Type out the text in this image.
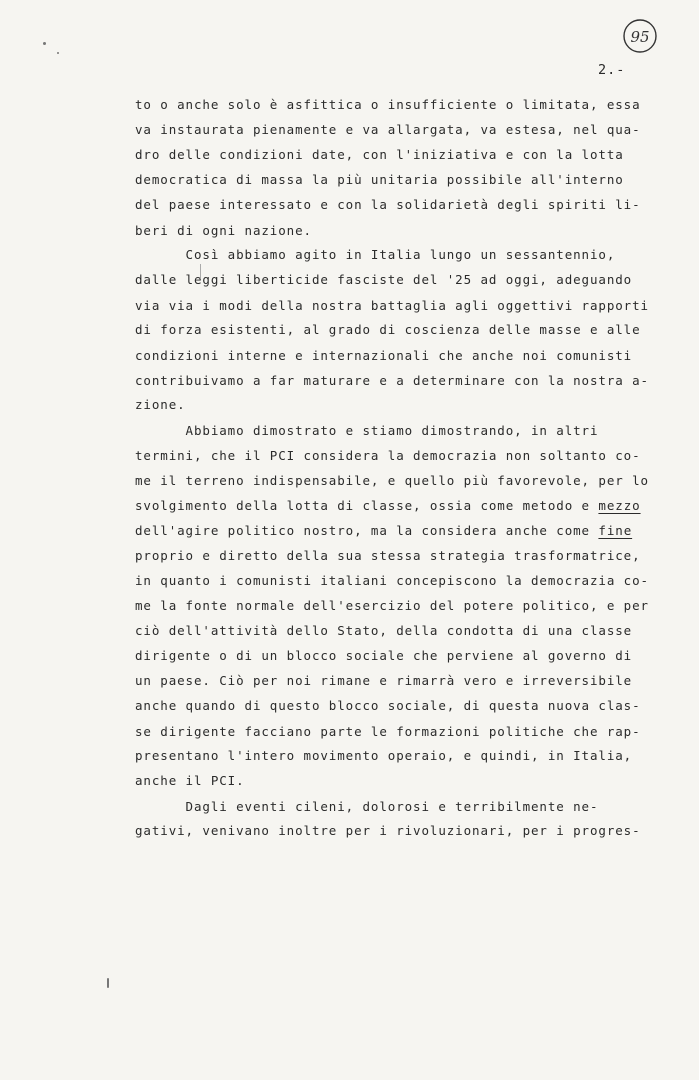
95
2.-
to o anche solo è asfittica o insufficiente o limitata, essa
va instaurata pienamente e va allargata, va estesa, nel qua-
dro delle condizioni date, con l'iniziativa e con la lotta
democratica di massa la più unitaria possibile all'interno
del paese interessato e con la solidarietà degli spiriti li-
beri di ogni nazione.
Così abbiamo agito in Italia lungo un sessantennio,
dalle leggi liberticide fasciste del '25 ad oggi, adeguando
via via i modi della nostra battaglia agli oggettivi rapporti
di forza esistenti, al grado di coscienza delle masse e alle
condizioni interne e internazionali che anche noi comunisti
contribuivamo a far maturare e a determinare con la nostra a-
zione.
Abbiamo dimostrato e stiamo dimostrando, in altri
termini, che il PCI considera la democrazia non soltanto co-
me il terreno indispensabile, e quello più favorevole, per lo
svolgimento della lotta di classe, ossia come metodo e mezzo
dell'agire politico nostro, ma la considera anche come fine
proprio e diretto della sua stessa strategia trasformatrice,
in quanto i comunisti italiani concepiscono la democrazia co-
me la fonte normale dell'esercizio del potere politico, e per
ciò dell'attività dello Stato, della condotta di una classe
dirigente o di un blocco sociale che perviene al governo di
un paese. Ciò per noi rimane e rimarrà vero e irreversibile
anche quando di questo blocco sociale, di questa nuova clas-
se dirigente facciano parte le formazioni politiche che rap-
presentano l'intero movimento operaio, e quindi, in Italia,
anche il PCI.
Dagli eventi cileni, dolorosi e terribilmente ne-
gativi, venivano inoltre per i rivoluzionari, per i progres-
